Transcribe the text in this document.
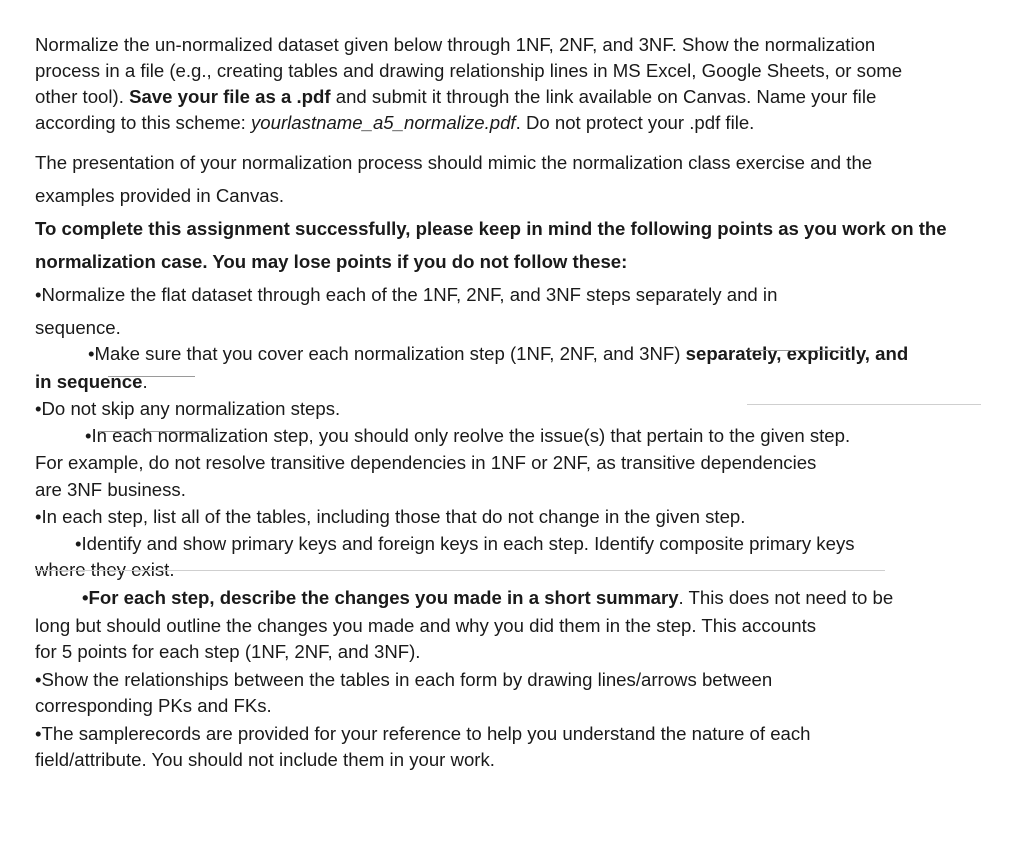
Normalize the un-normalized dataset given below through 1NF, 2NF, and 3NF. Show the normalization
process in a file (e.g., creating tables and drawing relationship lines in MS Excel, Google Sheets, or some
other tool). Save your file as a .pdf and submit it through the link available on Canvas. Name your file
according to this scheme: yourlastname_a5_normalize.pdf. Do not protect your .pdf file.
The presentation of your normalization process should mimic the normalization class exercise and the
examples provided in Canvas.
To complete this assignment successfully, please keep in mind the following points as you work on the
normalization case. You may lose points if you do not follow these:
•Normalize the flat dataset through each of the 1NF, 2NF, and 3NF steps separately and in
sequence.
•Make sure that you cover each normalization step (1NF, 2NF, and 3NF) separately, explicitly, and
in sequence.
•Do not skip any normalization steps.
•In each normalization step, you should only reolve the issue(s) that pertain to the given step.
For example, do not resolve transitive dependencies in 1NF or 2NF, as transitive dependencies
are 3NF business.
•In each step, list all of the tables, including those that do not change in the given step.
•Identify and show primary keys and foreign keys in each step. Identify composite primary keys
where they exist.
•For each step, describe the changes you made in a short summary. This does not need to be
long but should outline the changes you made and why you did them in the step. This accounts
for 5 points for each step (1NF, 2NF, and 3NF).
•Show the relationships between the tables in each form by drawing lines/arrows between
corresponding PKs and FKs.
•The samplerecords are provided for your reference to help you understand the nature of each
field/attribute. You should not include them in your work.
